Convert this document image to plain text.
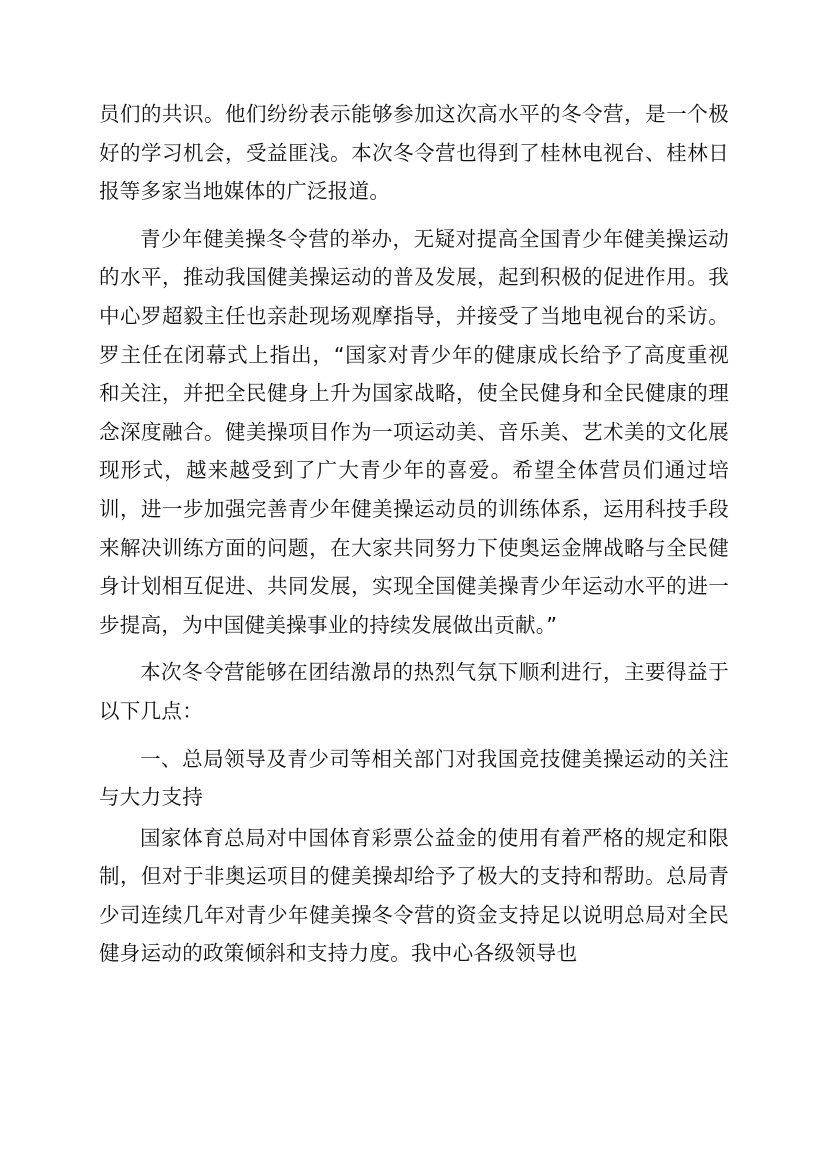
员们的共识。他们纷纷表示能够参加这次高水平的冬令营，是一个极好的学习机会，受益匪浅。本次冬令营也得到了桂林电视台、桂林日报等多家当地媒体的广泛报道。

青少年健美操冬令营的举办，无疑对提高全国青少年健美操运动的水平，推动我国健美操运动的普及发展，起到积极的促进作用。我中心罗超毅主任也亲赴现场观摩指导，并接受了当地电视台的采访。罗主任在闭幕式上指出，“国家对青少年的健康成长给予了高度重视和关注，并把全民健身上升为国家战略，使全民健身和全民健康的理念深度融合。健美操项目作为一项运动美、音乐美、艺术美的文化展现形式，越来越受到了广大青少年的喜爱。希望全体营员们通过培训，进一步加强完善青少年健美操运动员的训练体系，运用科技手段来解决训练方面的问题，在大家共同努力下使奥运金牌战略与全民健身计划相互促进、共同发展，实现全国健美操青少年运动水平的进一步提高，为中国健美操事业的持续发展做出贡献。”

本次冬令营能够在团结激昂的热烈气氛下顺利进行，主要得益于以下几点：

一、总局领导及青少司等相关部门对我国竞技健美操运动的关注与大力支持

国家体育总局对中国体育彩票公益金的使用有着严格的规定和限制，但对于非奥运项目的健美操却给予了极大的支持和帮助。总局青少司连续几年对青少年健美操冬令营的资金支持足以说明总局对全民健身运动的政策倾斜和支持力度。我中心各级领导也
